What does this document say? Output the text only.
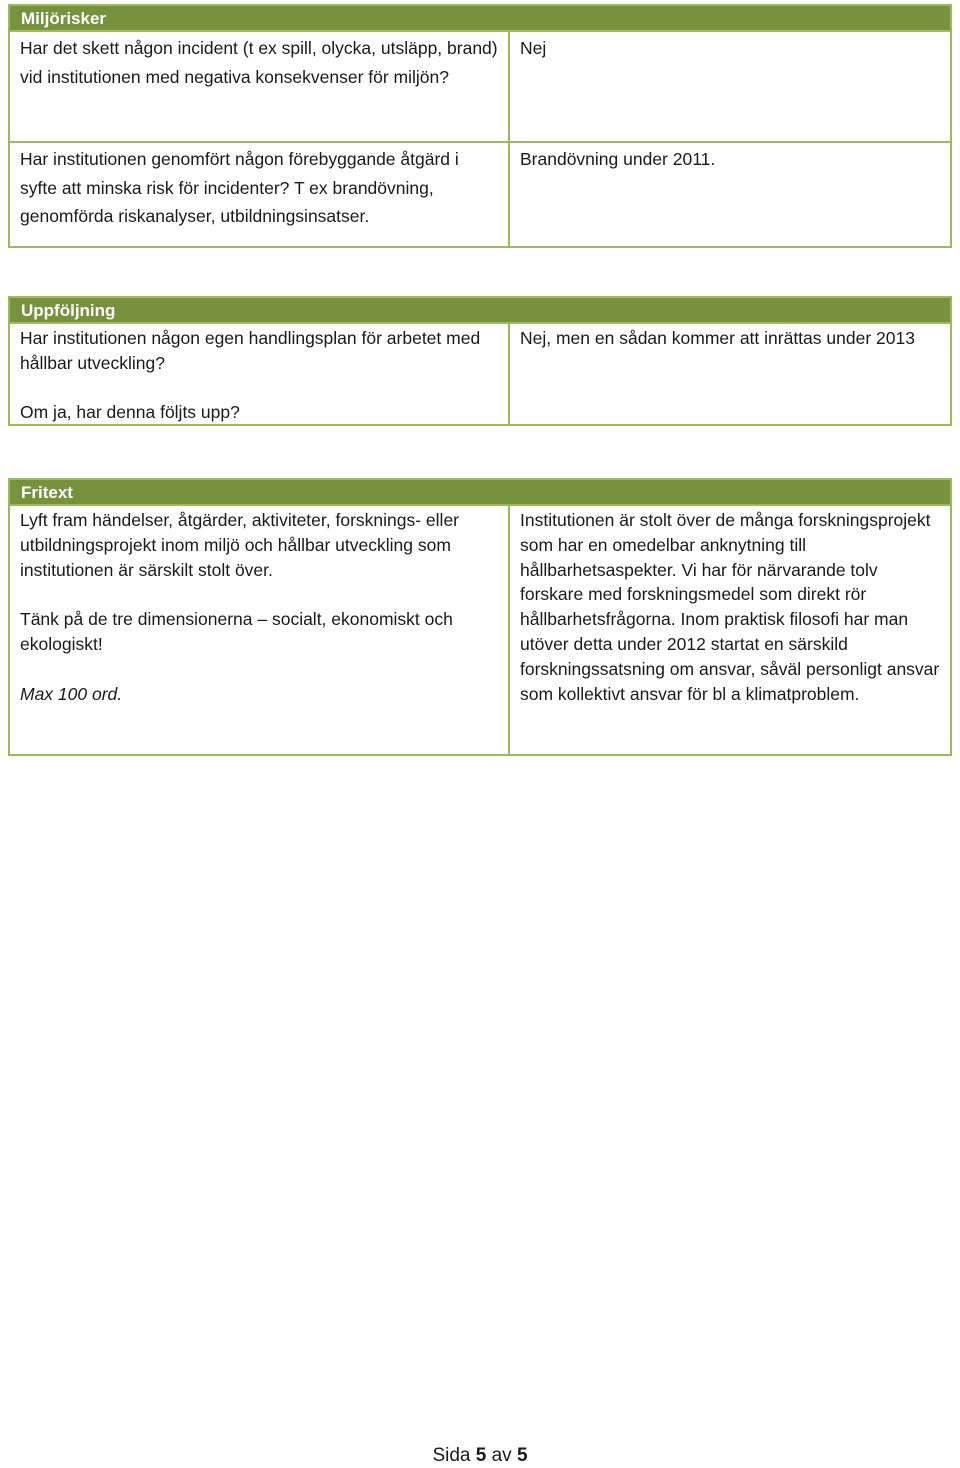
Miljörisker
Har det skett någon incident (t ex spill, olycka, utsläpp, brand) vid institutionen med negativa konsekvenser för miljön?
Nej
Har institutionen genomfört någon förebyggande åtgärd i syfte att minska risk för incidenter? T ex brandövning, genomförda riskanalyser, utbildningsinsatser.
Brandövning under 2011.
Uppföljning
Har institutionen någon egen handlingsplan för arbetet med hållbar utveckling?
Om ja, har denna följts upp?
Nej, men en sådan kommer att inrättas under 2013
Fritext
Lyft fram händelser, åtgärder, aktiviteter, forsknings- eller utbildningsprojekt inom miljö och hållbar utveckling som institutionen är särskilt stolt över.
Tänk på de tre dimensionerna – socialt, ekonomiskt och ekologiskt!
Max 100 ord.
Institutionen är stolt över de många forskningsprojekt som har en omedelbar anknytning till hållbarhetsaspekter. Vi har för närvarande tolv forskare med forskningsmedel som direkt rör hållbarhetsfrågorna. Inom praktisk filosofi har man utöver detta under 2012 startat en särskild forskningssatsning om ansvar, såväl personligt ansvar som kollektivt ansvar för bl a klimatproblem.
Sida 5 av 5
